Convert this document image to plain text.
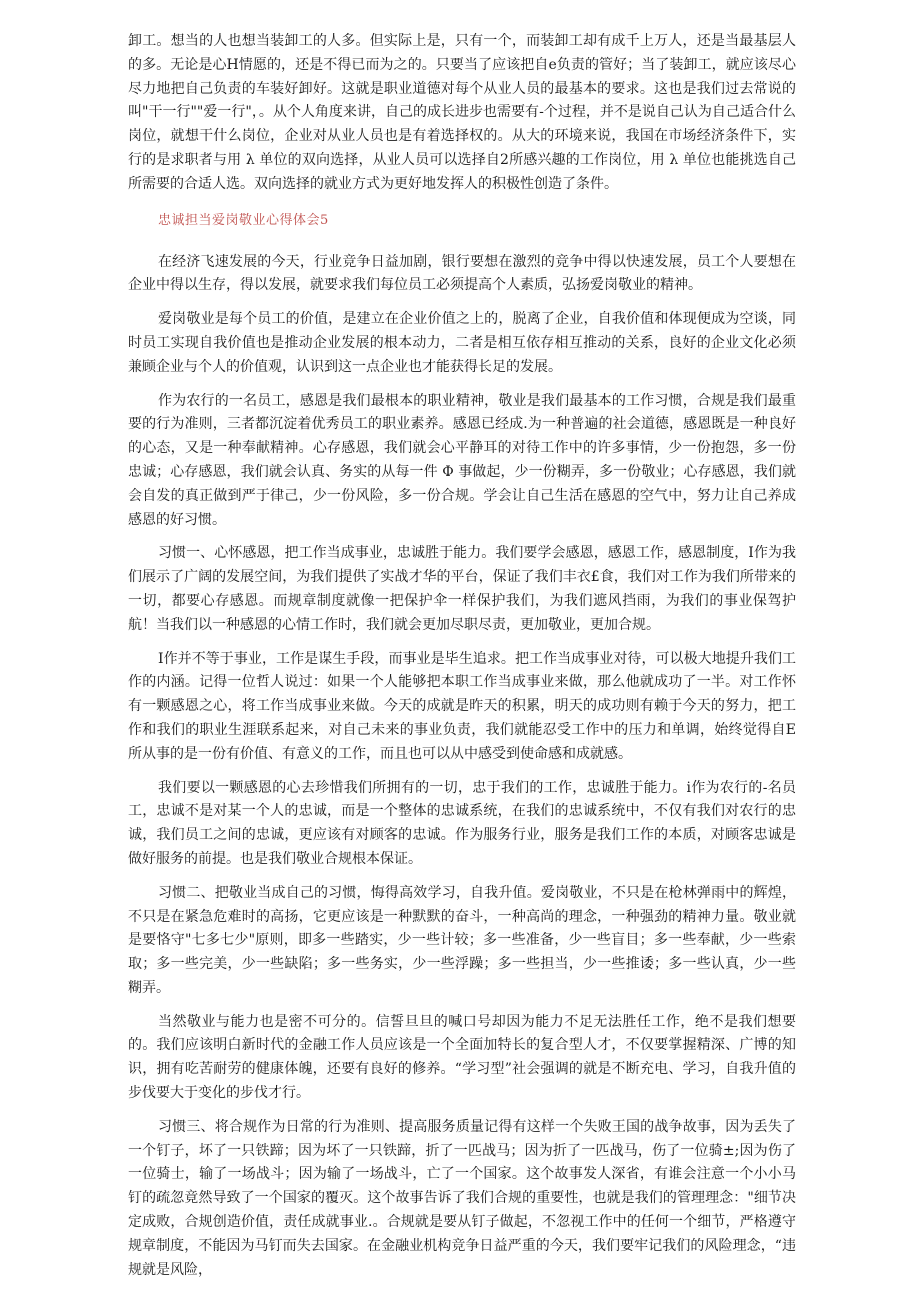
卸工。想当的人也想当装卸工的人多。但实际上是，只有一个，而装卸工却有成千上万人，还是当最基层人的多。无论是心H情愿的，还是不得已而为之的。只要当了应该把自e负责的管好；当了装卸工，就应该尽心尽力地把自己负责的车装好卸好。这就是职业道德对每个从业人员的最基本的要求。这也是我们过去常说的叫"干一行""爱一行"，。从个人角度来讲，自己的成长进步也需要有-个过程，并不是说自己认为自己适合什么岗位，就想干什么岗位，企业对从业人员也是有着选择权的。从大的环境来说，我国在市场经济条件下，实行的是求职者与用 λ 单位的双向选择，从业人员可以选择自2所感兴趣的工作岗位，用 λ 单位也能挑选自己所需要的合适人选。双向选择的就业方式为更好地发挥人的积极性创造了条件。

忠诚担当爱岗敬业心得体会5

在经济飞速发展的今天，行业竞争日益加剧，银行要想在激烈的竞争中得以快速发展，员工个人要想在企业中得以生存，得以发展，就要求我们每位员工必须提高个人素质，弘扬爱岗敬业的精神。

爱岗敬业是每个员工的价值，是建立在企业价值之上的，脱离了企业，自我价值和体现便成为空谈，同时员工实现自我价值也是推动企业发展的根本动力，二者是相互依存相互推动的关系，良好的企业文化必须兼顾企业与个人的价值观，认识到这一点企业也才能获得长足的发展。

作为农行的一名员工，感恩是我们最根本的职业精神，敬业是我们最基本的工作习惯，合规是我们最重要的行为准则，三者都沉淀着优秀员工的职业素养。感恩已经成.为一种普遍的社会道德，感恩既是一种良好的心态，又是一种奉献精神。心存感恩，我们就会心平静耳的对待工作中的许多事情，少一份抱怨，多一份忠诚；心存感恩，我们就会认真、务实的从每一件 Φ 事做起，少一份糊弄，多一份敬业；心存感恩，我们就会自发的真正做到严于律己，少一份风险，多一份合规。学会让自己生活在感恩的空气中，努力让自己养成感恩的好习惯。

习惯一、心怀感恩，把工作当成事业，忠诚胜于能力。我们要学会感恩，感恩工作，感恩制度，I作为我们展示了广阔的发展空间，为我们提供了实战才华的平台，保证了我们丰衣£食，我们对工作为我们所带来的一切，都要心存感恩。而规章制度就像一把保护伞一样保护我们，为我们遮风挡雨，为我们的事业保驾护航！当我们以一种感恩的心情工作时，我们就会更加尽职尽责，更加敬业，更加合规。

I作并不等于事业，工作是谋生手段，而事业是毕生追求。把工作当成事业对待，可以极大地提升我们工作的内涵。记得一位哲人说过：如果一个人能够把本职工作当成事业来做，那么他就成功了一半。对工作怀有一颗感恩之心，将工作当成事业来做。今天的成就是昨天的积累，明天的成功则有赖于今天的努力，把工作和我们的职业生涯联系起来，对自己未来的事业负责，我们就能忍受工作中的压力和单调，始终觉得自E所从事的是一份有价值、有意义的工作，而且也可以从中感受到使命感和成就感。

我们要以一颗感恩的心去珍惜我们所拥有的一切，忠于我们的工作，忠诚胜于能力。i作为农行的-名员工，忠诚不是对某一个人的忠诚，而是一个整体的忠诚系统，在我们的忠诚系统中，不仅有我们对农行的忠诚，我们员工之间的忠诚，更应该有对顾客的忠诚。作为服务行业，服务是我们工作的本质，对顾客忠诚是做好服务的前提。也是我们敬业合规根本保证。

习惯二、把敬业当成自己的习惯，悔得高效学习，自我升值。爱岗敬业，不只是在枪林弹雨中的辉煌，不只是在紧急危难时的高扬，它更应该是一种默默的奋斗，一种高尚的理念，一种强劲的精神力量。敬业就是要恪守"七多七少"原则，即多一些踏实，少一些计较；多一些准备，少一些盲目；多一些奉献，少一些索取；多一些完美，少一些缺陷；多一些务实，少一些浮躁；多一些担当，少一些推诿；多一些认真，少一些糊弄。

当然敬业与能力也是密不可分的。信誓旦旦的喊口号却因为能力不足无法胜任工作，绝不是我们想要的。我们应该明白新时代的金融工作人员应该是一个全面加特长的复合型人才，不仅要掌握精深、广博的知识，拥有吃苦耐劳的健康体魄，还要有良好的修养。“学习型”社会强调的就是不断充电、学习，自我升值的步伐要大于变化的步伐才行。

习惯三、将合规作为日常的行为准则、提高服务质量记得有这样一个失败王国的战争故事，因为丢失了一个钉子，坏了一只铁蹄；因为坏了一只铁蹄，折了一匹战马；因为折了一匹战马，伤了一位骑±;因为伤了一位骑士，输了一场战斗；因为输了一场战斗，亡了一个国家。这个故事发人深省，有谁会注意一个小小马钉的疏忽竟然导致了一个国家的覆灭。这个故事告诉了我们合规的重要性，也就是我们的管理理念："细节决定成败，合规创造价值，责任成就事业.。合规就是要从钉子做起，不忽视工作中的任何一个细节，严格遵守规章制度，不能因为马钉而失去国家。在金融业机构竞争日益严重的今天，我们要牢记我们的风险理念，“违规就是风险，
